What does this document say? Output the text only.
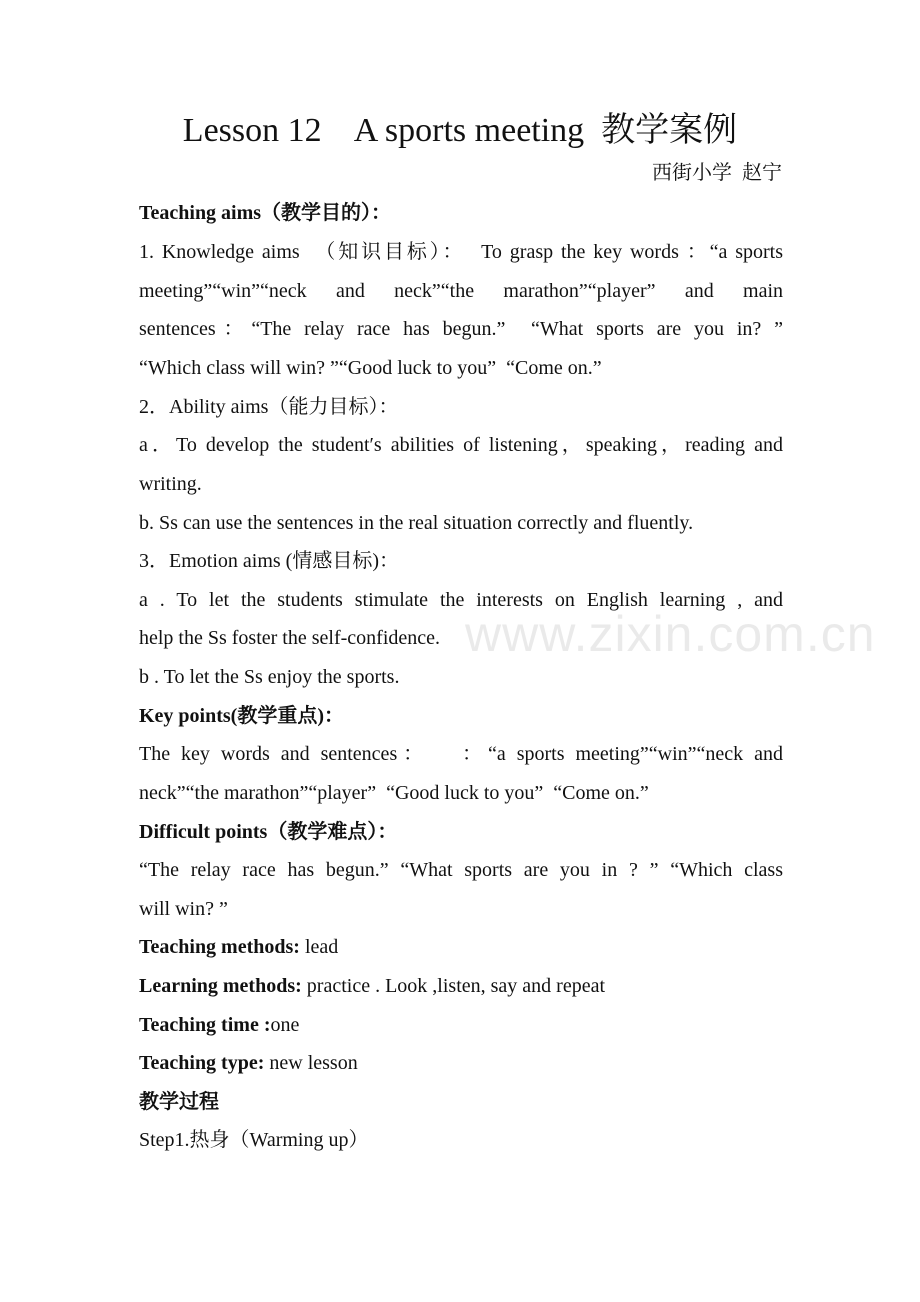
Lesson 12    A sports meeting  教学案例
西街小学  赵宁
Teaching aims（教学目的）：
1. Knowledge aims  （知识目标）：  To grasp the key words ：“a sports
meeting”“win”“neck and neck”“the marathon”“player” and main
sentences：“The relay race has begun.”  “What sports are you in? ”
“Which class will win? ”“Good luck to you”  “Come on.”
2．Ability aims（能力目标）：
a．To develop the student′s abilities of listening，speaking，reading and
writing.
b. Ss can use the sentences in the real situation correctly and fluently.
3．Emotion aims (情感目标)：
a . To let the students stimulate the interests on English learning , and
help the Ss foster the self-confidence.
b . To let the Ss enjoy the sports.
Key points(教学重点)：
The key words and sentences：   ：“a sports meeting”“win”“neck and
neck”“the marathon”“player”  “Good luck to you”  “Come on.”
Difficult points（教学难点）：
“The relay race has begun.” “What sports are you in ? ” “Which class
will win? ”
Teaching methods: lead
Learning methods: practice . Look ,listen, say and repeat
Teaching time :one
Teaching type: new lesson
教学过程
Step1.热身（Warming up）
www.zixin.com.cn
